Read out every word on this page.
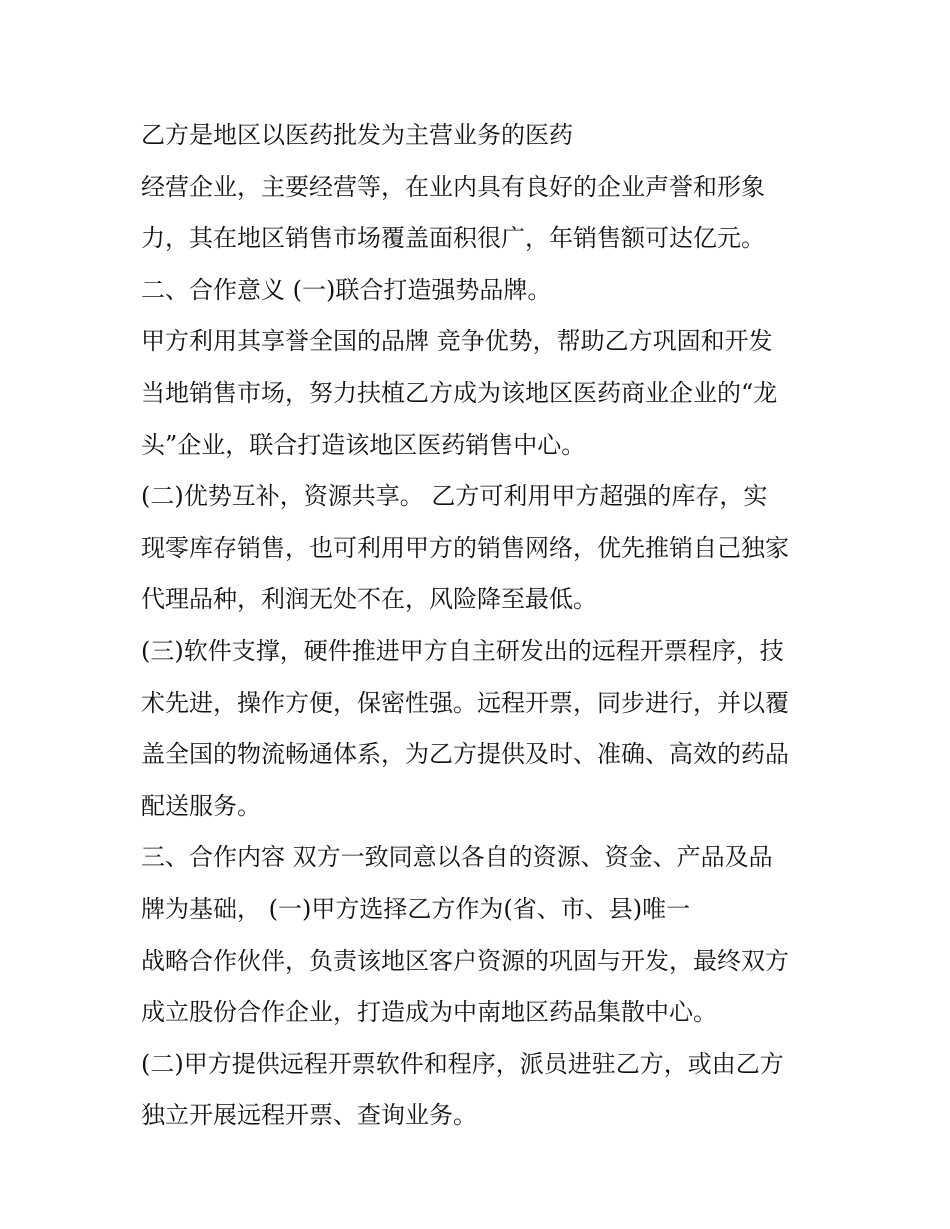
乙方是地区以医药批发为主营业务的医药
经营企业，主要经营等，在业内具有良好的企业声誉和形象
力，其在地区销售市场覆盖面积很广，年销售额可达亿元。
二、合作意义 (一)联合打造强势品牌。
甲方利用其享誉全国的品牌 竞争优势，帮助乙方巩固和开发
当地销售市场，努力扶植乙方成为该地区医药商业企业的“龙
头”企业，联合打造该地区医药销售中心。
(二)优势互补，资源共享。 乙方可利用甲方超强的库存，实
现零库存销售，也可利用甲方的销售网络，优先推销自己独家
代理品种，利润无处不在，风险降至最低。
(三)软件支撑，硬件推进甲方自主研发出的远程开票程序，技
术先进，操作方便，保密性强。远程开票，同步进行，并以覆
盖全国的物流畅通体系，为乙方提供及时、准确、高效的药品
配送服务。
三、合作内容 双方一致同意以各自的资源、资金、产品及品
牌为基础， (一)甲方选择乙方作为(省、市、县)唯一
战略合作伙伴，负责该地区客户资源的巩固与开发，最终双方
成立股份合作企业，打造成为中南地区药品集散中心。
(二)甲方提供远程开票软件和程序，派员进驻乙方，或由乙方
独立开展远程开票、查询业务。
